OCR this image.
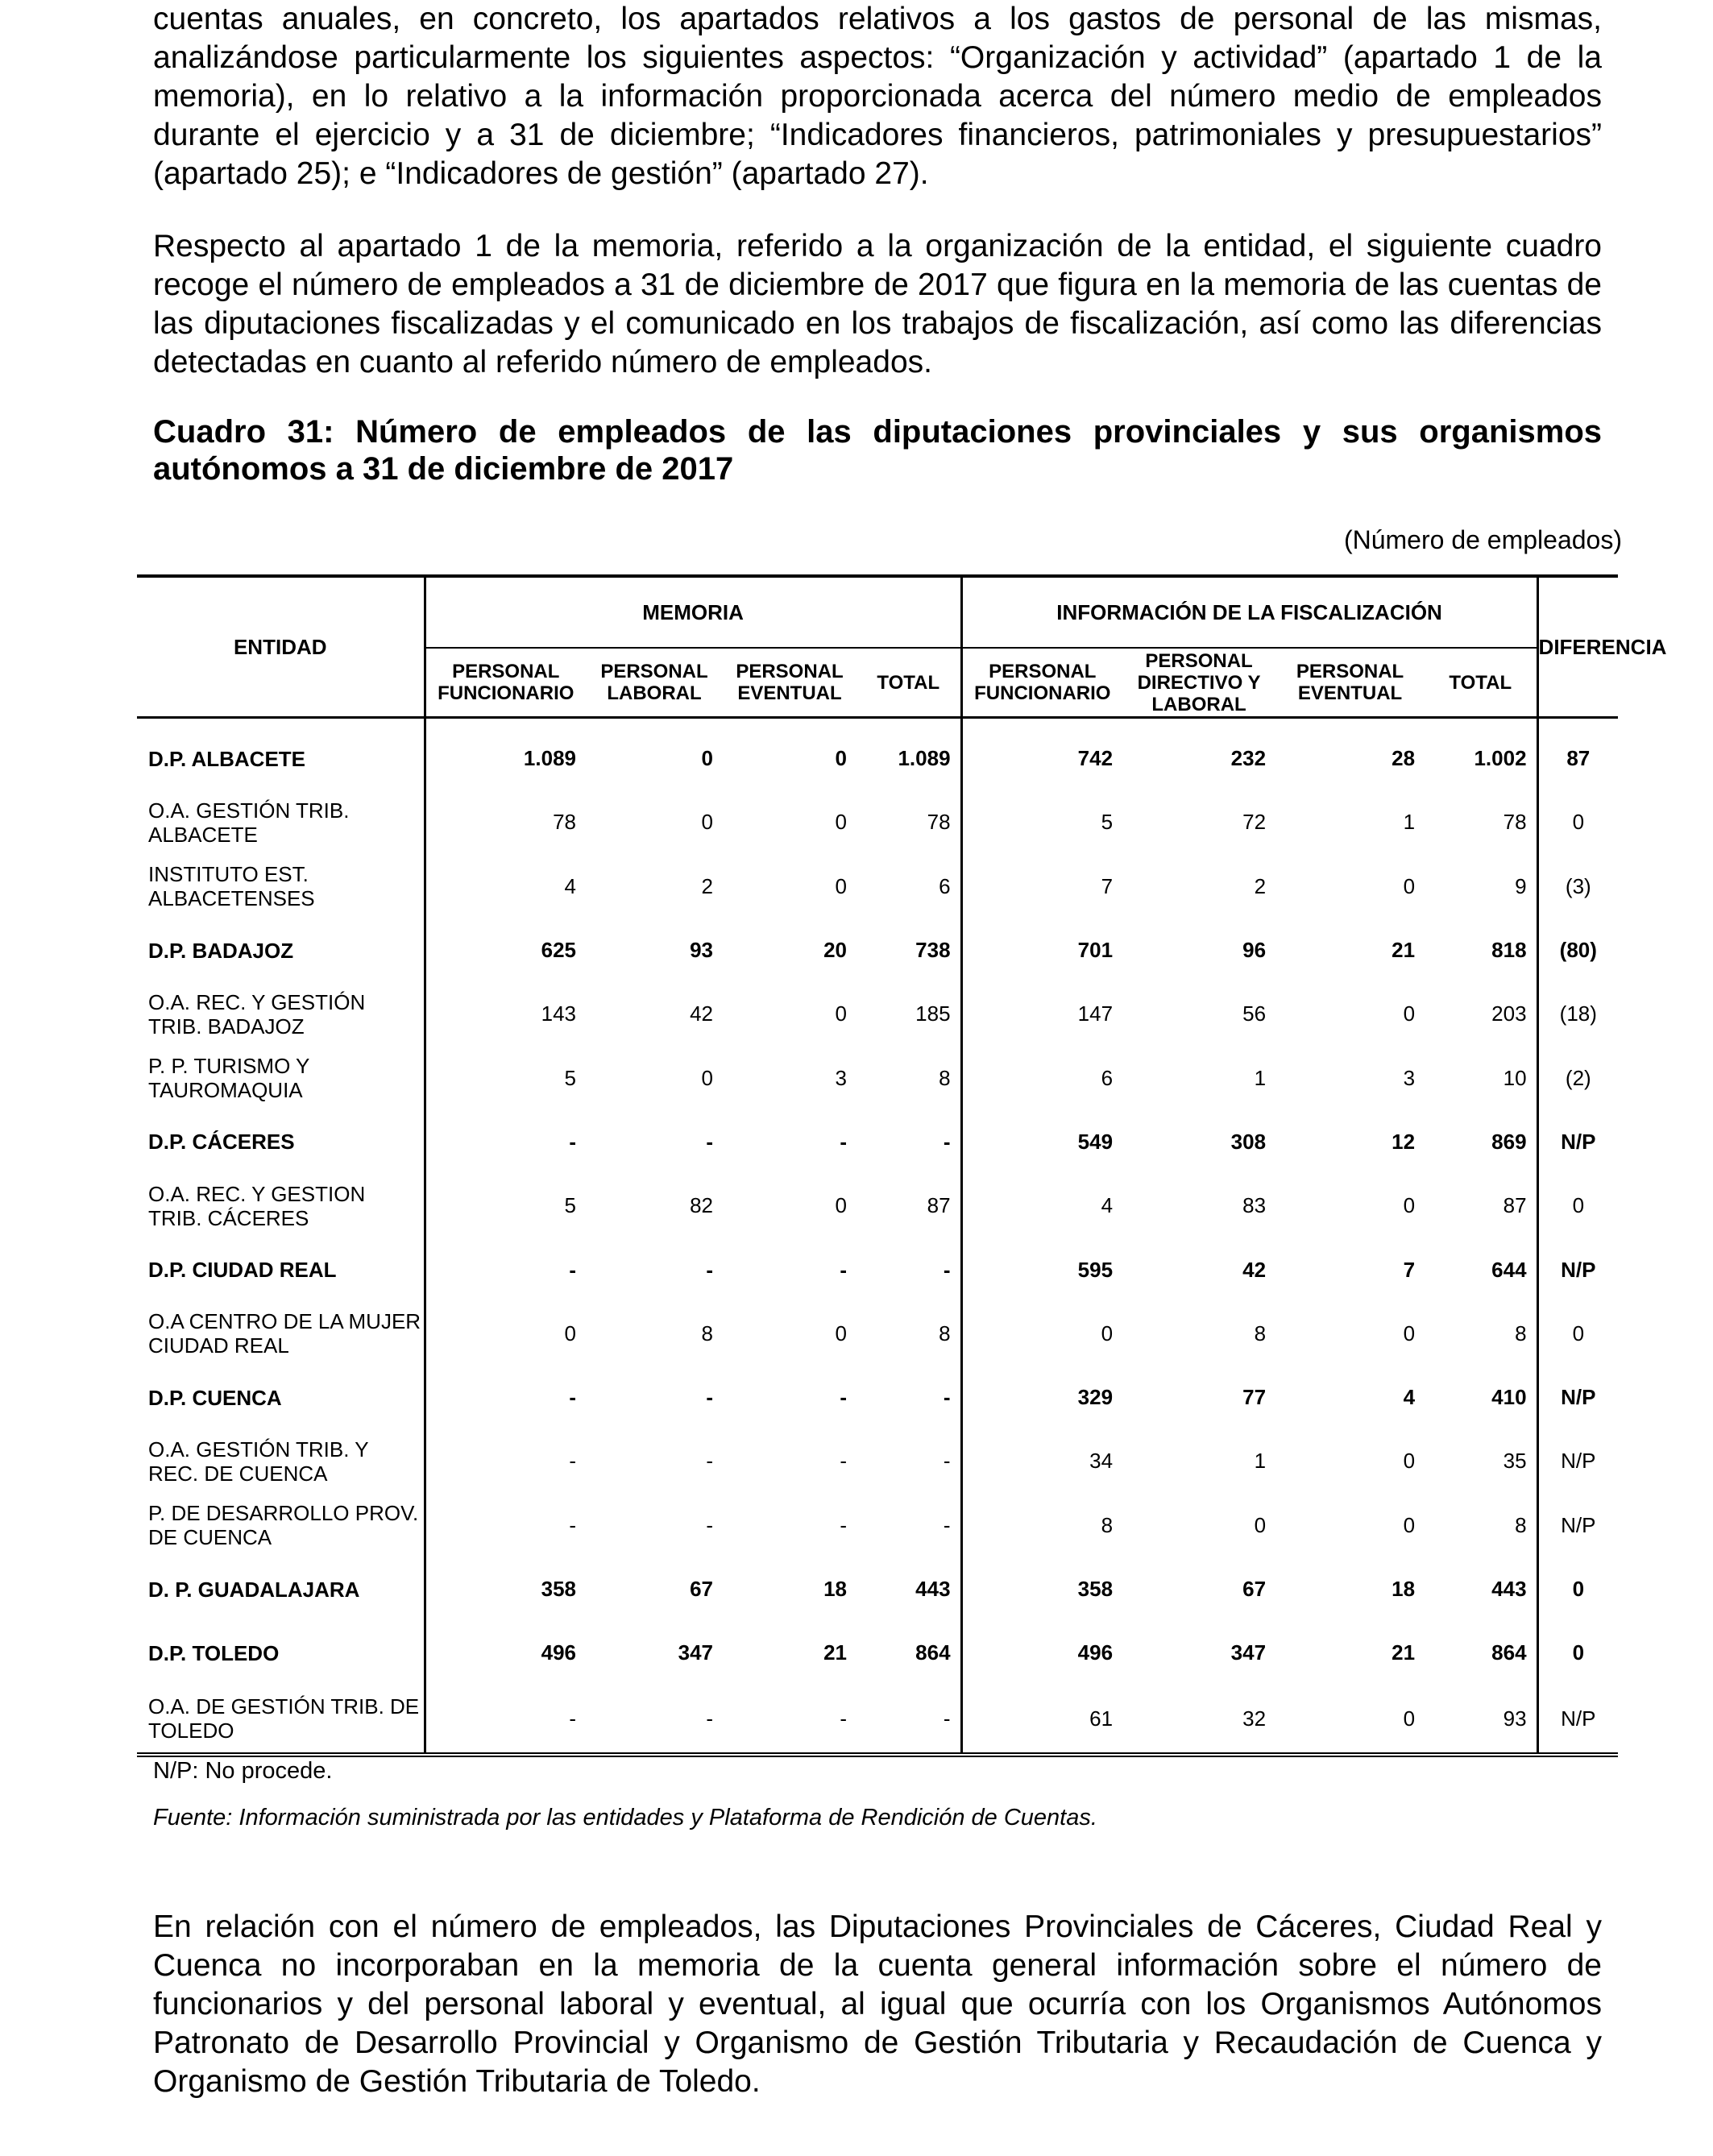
cuentas anuales, en concreto, los apartados relativos a los gastos de personal de las mismas, analizándose particularmente los siguientes aspectos: “Organización y actividad” (apartado 1 de la memoria), en lo relativo a la información proporcionada acerca del número medio de empleados durante el ejercicio y a 31 de diciembre; “Indicadores financieros, patrimoniales y presupuestarios” (apartado 25); e “Indicadores de gestión” (apartado 27).

Respecto al apartado 1 de la memoria, referido a la organización de la entidad, el siguiente cuadro recoge el número de empleados a 31 de diciembre de 2017 que figura en la memoria de las cuentas de las diputaciones fiscalizadas y el comunicado en los trabajos de fiscalización, así como las diferencias detectadas en cuanto al referido número de empleados.

Cuadro 31: Número de empleados de las diputaciones provinciales y sus organismos autónomos a 31 de diciembre de 2017

(Número de empleados)
ENTIDAD	MEMORIA				INFORMACIÓN DE LA FISCALIZACIÓN				DIFERENCIA
	PERSONAL FUNCIONARIO	PERSONAL LABORAL	PERSONAL EVENTUAL	TOTAL	PERSONAL FUNCIONARIO	PERSONAL DIRECTIVO Y LABORAL	PERSONAL EVENTUAL	TOTAL	
D.P. ALBACETE	1.089	0	0	1.089	742	232	28	1.002	87
O.A. GESTIÓN TRIB. ALBACETE	78	0	0	78	5	72	1	78	0
INSTITUTO EST. ALBACETENSES	4	2	0	6	7	2	0	9	(3)
D.P. BADAJOZ	625	93	20	738	701	96	21	818	(80)
O.A. REC. Y GESTIÓN TRIB. BADAJOZ	143	42	0	185	147	56	0	203	(18)
P. P. TURISMO Y TAUROMAQUIA	5	0	3	8	6	1	3	10	(2)
D.P. CÁCERES	-	-	-	-	549	308	12	869	N/P
O.A. REC. Y GESTION TRIB. CÁCERES	5	82	0	87	4	83	0	87	0
D.P. CIUDAD REAL	-	-	-	-	595	42	7	644	N/P
O.A CENTRO DE LA MUJER CIUDAD REAL	0	8	0	8	0	8	0	8	0
D.P. CUENCA	-	-	-	-	329	77	4	410	N/P
O.A. GESTIÓN TRIB. Y REC. DE CUENCA	-	-	-	-	34	1	0	35	N/P
P. DE DESARROLLO PROV. DE CUENCA	-	-	-	-	8	0	0	8	N/P
D. P. GUADALAJARA	358	67	18	443	358	67	18	443	0
D.P. TOLEDO	496	347	21	864	496	347	21	864	0
O.A. DE GESTIÓN TRIB. DE TOLEDO	-	-	-	-	61	32	0	93	N/P
N/P: No procede.
Fuente: Información suministrada por las entidades y Plataforma de Rendición de Cuentas.

En relación con el número de empleados, las Diputaciones Provinciales de Cáceres, Ciudad Real y Cuenca no incorporaban en la memoria de la cuenta general información sobre el número de funcionarios y del personal laboral y eventual, al igual que ocurría con los Organismos Autónomos Patronato de Desarrollo Provincial y Organismo de Gestión Tributaria y Recaudación de Cuenca y Organismo de Gestión Tributaria de Toledo.
